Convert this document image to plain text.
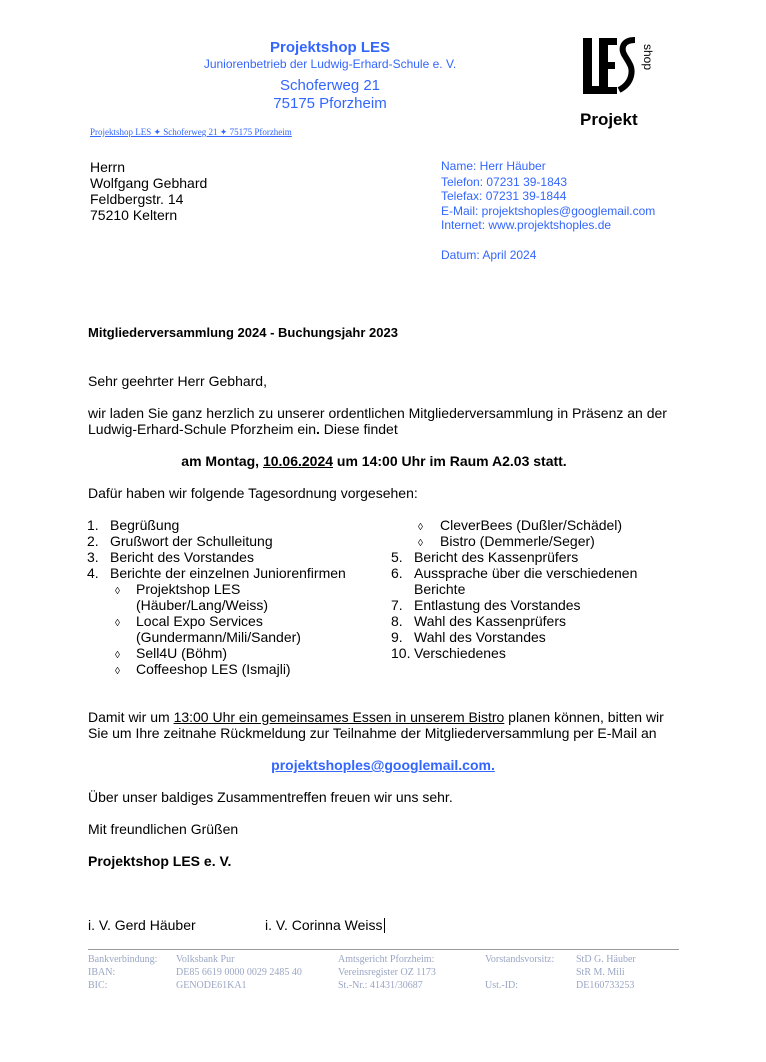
Projektshop LES
Juniorenbetrieb der Ludwig-Erhard-Schule e. V.
Schoferweg 21
75175 Pforzheim
shop
Projekt
Projektshop LES ✦ Schoferweg 21 ✦ 75175 Pforzheim
Herrn
Wolfgang Gebhard
Feldbergstr. 14
75210 Keltern
Name: Herr Häuber
Telefon: 07231 39-1843
Telefax: 07231 39-1844
E-Mail: projektshoples@googlemail.com
Internet: www.projektshoples.de
Datum: April 2024
Mitgliederversammlung 2024 - Buchungsjahr 2023
Sehr geehrter Herr Gebhard,
wir laden Sie ganz herzlich zu unserer ordentlichen Mitgliederversammlung in Präsenz an der
Ludwig-Erhard-Schule Pforzheim ein. Diese findet
am Montag, 10.06.2024 um 14:00 Uhr im Raum A2.03 statt.
Dafür haben wir folgende Tagesordnung vorgesehen:
1. Begrüßung
2. Grußwort der Schulleitung
3. Bericht des Vorstandes
4. Berichte der einzelnen Juniorenfirmen
◊ Projektshop LES
(Häuber/Lang/Weiss)
◊ Local Expo Services
(Gundermann/Mili/Sander)
◊ Sell4U (Böhm)
◊ Coffeeshop LES (Ismajli)
◊ CleverBees (Dußler/Schädel)
◊ Bistro (Demmerle/Seger)
5. Bericht des Kassenprüfers
6. Aussprache über die verschiedenen
Berichte
7. Entlastung des Vorstandes
8. Wahl des Kassenprüfers
9. Wahl des Vorstandes
10. Verschiedenes
Damit wir um 13:00 Uhr ein gemeinsames Essen in unserem Bistro planen können, bitten wir
Sie um Ihre zeitnahe Rückmeldung zur Teilnahme der Mitgliederversammlung per E-Mail an
projektshoples@googlemail.com.
Über unser baldiges Zusammentreffen freuen wir uns sehr.
Mit freundlichen Grüßen
Projektshop LES e. V.
i. V. Gerd Häuber	i. V. Corinna Weiss
Bankverbindung:
IBAN:
BIC:
Volksbank Pur
DE85 6619 0000 0029 2485 40
GENODE61KA1
Amtsgericht Pforzheim:
Vereinsregister OZ 1173
St.-Nr.: 41431/30687
Vorstandsvorsitz:
Ust.-ID:
StD G. Häuber
StR M. Mili
DE160733253
